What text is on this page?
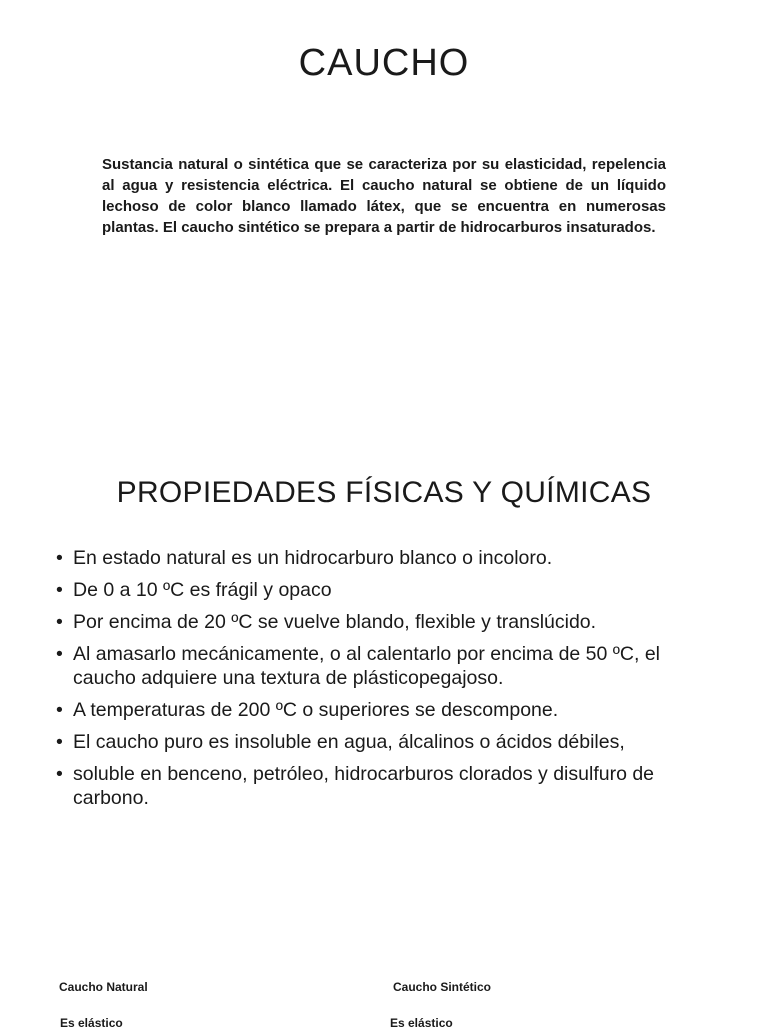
CAUCHO

Sustancia natural o sintética que se caracteriza por su elasticidad, repelencia al agua y resistencia eléctrica. El caucho natural se obtiene de un líquido lechoso de color blanco llamado látex, que se encuentra en numerosas plantas. El caucho sintético se prepara a partir de hidrocarburos insaturados.

PROPIEDADES FÍSICAS Y QUÍMICAS
• En estado natural es un hidrocarburo blanco o incoloro.
• De 0 a 10 ºC es frágil y opaco
• Por encima de 20 ºC se vuelve blando, flexible y translúcido.
• Al amasarlo mecánicamente, o al calentarlo por encima de 50 ºC, el caucho adquiere una textura de plásticopegajoso.
• A temperaturas de 200 ºC o superiores se descompone.
• El caucho puro es insoluble en agua, álcalinos o ácidos débiles,
• soluble en benceno, petróleo, hidrocarburos clorados y disulfuro de carbono.
Caucho Natural	Caucho Sintético
Es elástico	Es elástico
